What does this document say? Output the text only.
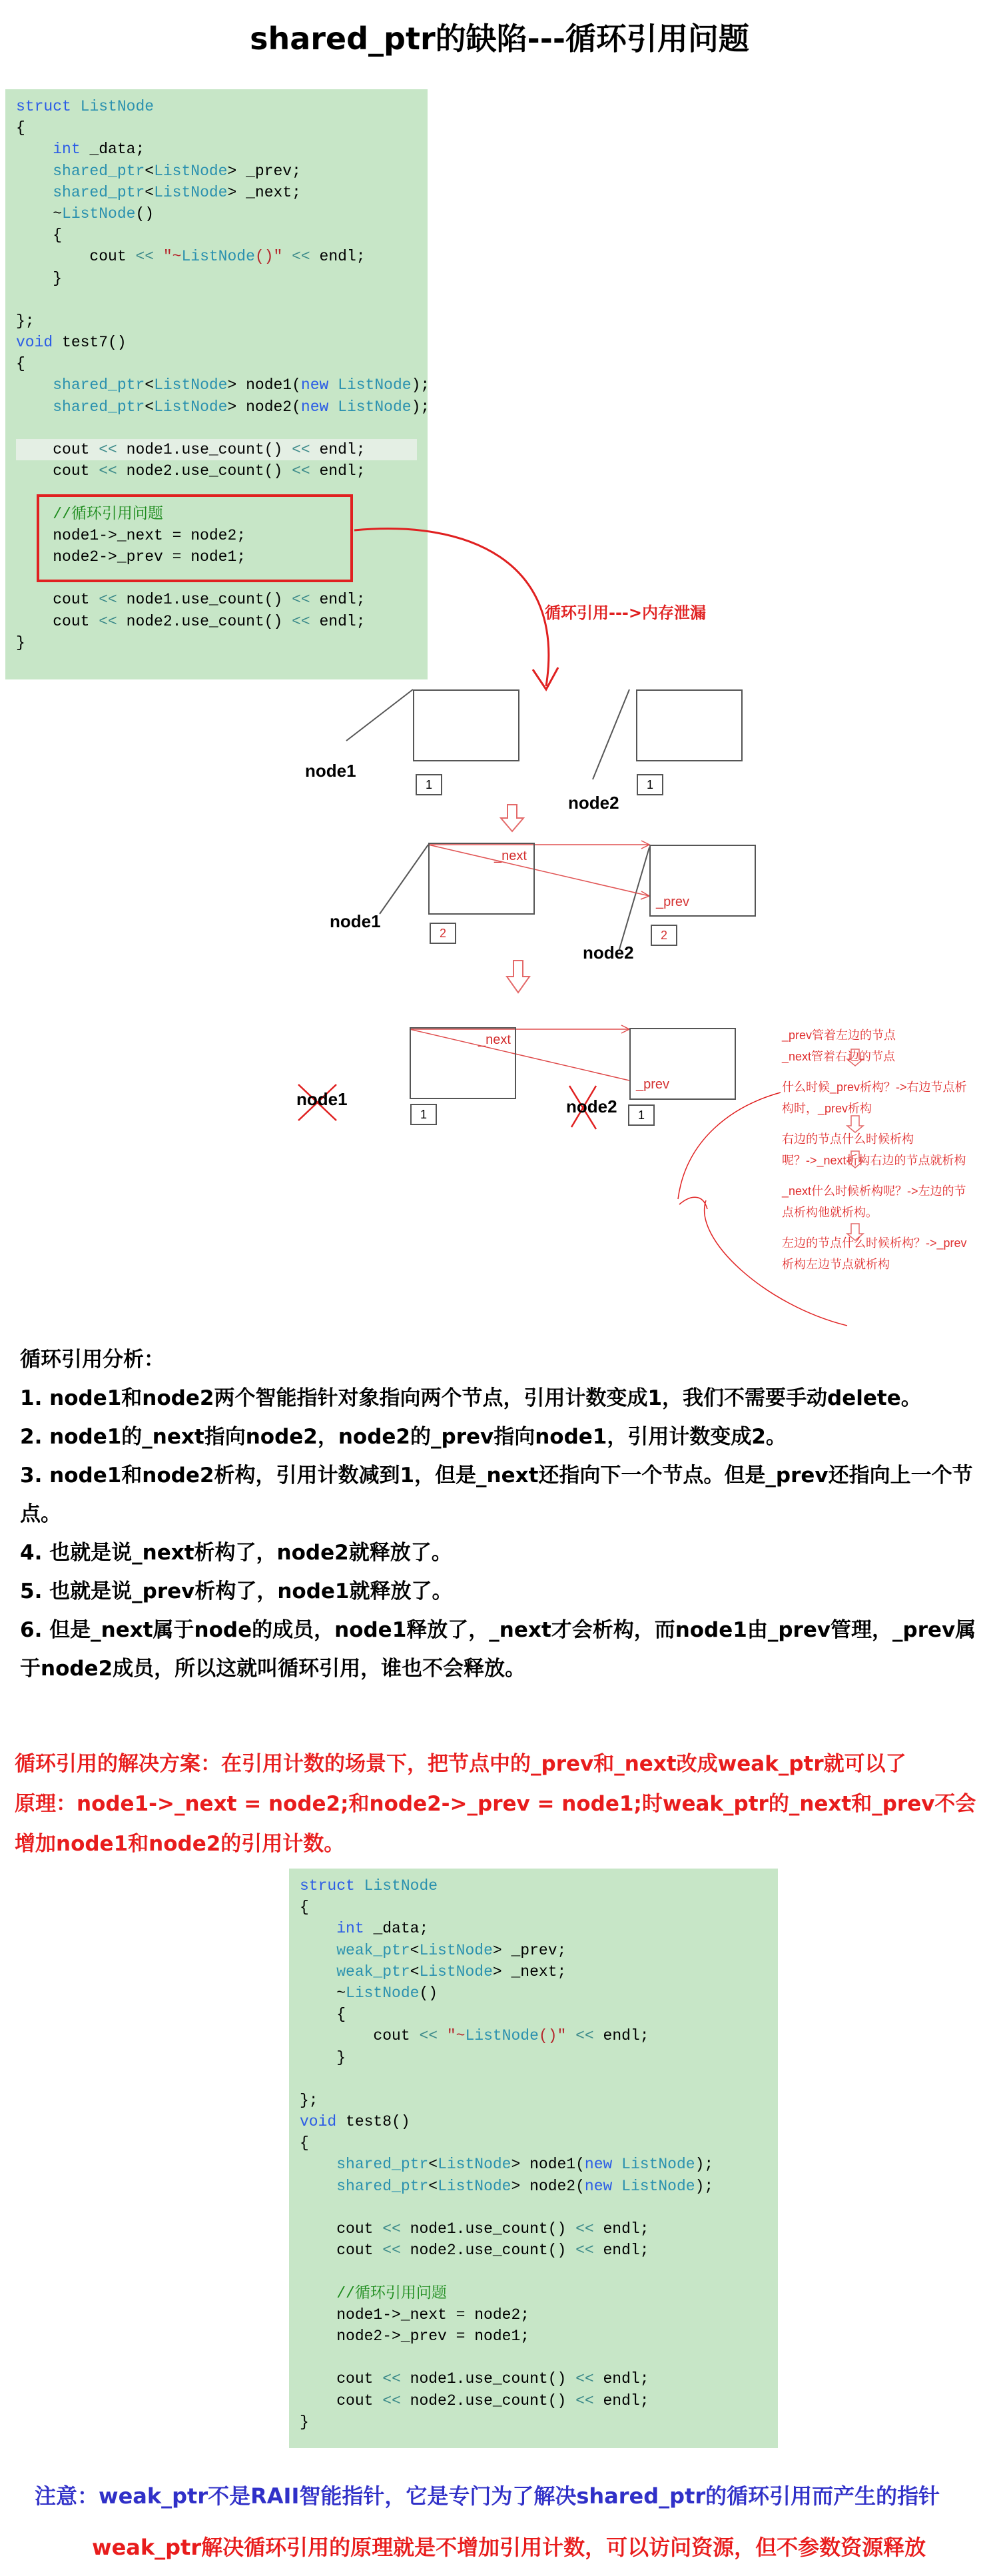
shared_ptr的缺陷---循环引用问题
struct ListNode
{
int _data;
shared_ptr<ListNode> _prev;
shared_ptr<ListNode> _next;
~ListNode()
{
cout << "~ListNode()" << endl;
}

};
void test7()
{
shared_ptr<ListNode> node1(new ListNode);
shared_ptr<ListNode> node2(new ListNode);

cout << node1.use_count() << endl;
cout << node2.use_count() << endl;

//循环引用问题
node1->_next = node2;
node2->_prev = node1;

cout << node1.use_count() << endl;
cout << node2.use_count() << endl;
}
循环引用--->内存泄漏
1	1
node1
node2
2	2
node1
node2
_next
_prev
1	1
node1	node2
_next
_prev
_prev管着左边的节点
_next管着右边的节点
什么时候_prev析构？->右边节点析
构时，_prev析构
右边的节点什么时候析构
呢？->_next析构右边的节点就析构
_next什么时候析构呢？->左边的节
点析构他就析构。
左边的节点什么时候析构？->_prev
析构左边节点就析构
循环引用分析：
1. node1和node2两个智能指针对象指向两个节点，引用计数变成1，我们不需要手动delete。
2. node1的_next指向node2，node2的_prev指向node1，引用计数变成2。
3. node1和node2析构，引用计数减到1，但是_next还指向下一个节点。但是_prev还指向上一个节点。
4. 也就是说_next析构了，node2就释放了。
5. 也就是说_prev析构了，node1就释放了。
6. 但是_next属于node的成员，node1释放了，_next才会析构，而node1由_prev管理，_prev属于node2成员，所以这就叫循环引用，谁也不会释放。
循环引用的解决方案：在引用计数的场景下，把节点中的_prev和_next改成weak_ptr就可以了
原理：node1->_next = node2;和node2->_prev = node1;时weak_ptr的_next和_prev不会增加node1和node2的引用计数。
struct ListNode
{
int _data;
weak_ptr<ListNode> _prev;
weak_ptr<ListNode> _next;
~ListNode()
{
cout << "~ListNode()" << endl;
}

};
void test8()
{
shared_ptr<ListNode> node1(new ListNode);
shared_ptr<ListNode> node2(new ListNode);

cout << node1.use_count() << endl;
cout << node2.use_count() << endl;

//循环引用问题
node1->_next = node2;
node2->_prev = node1;

cout << node1.use_count() << endl;
cout << node2.use_count() << endl;
}
注意：weak_ptr不是RAII智能指针，它是专门为了解决shared_ptr的循环引用而产生的指针
weak_ptr解决循环引用的原理就是不增加引用计数，可以访问资源，但不参数资源释放
